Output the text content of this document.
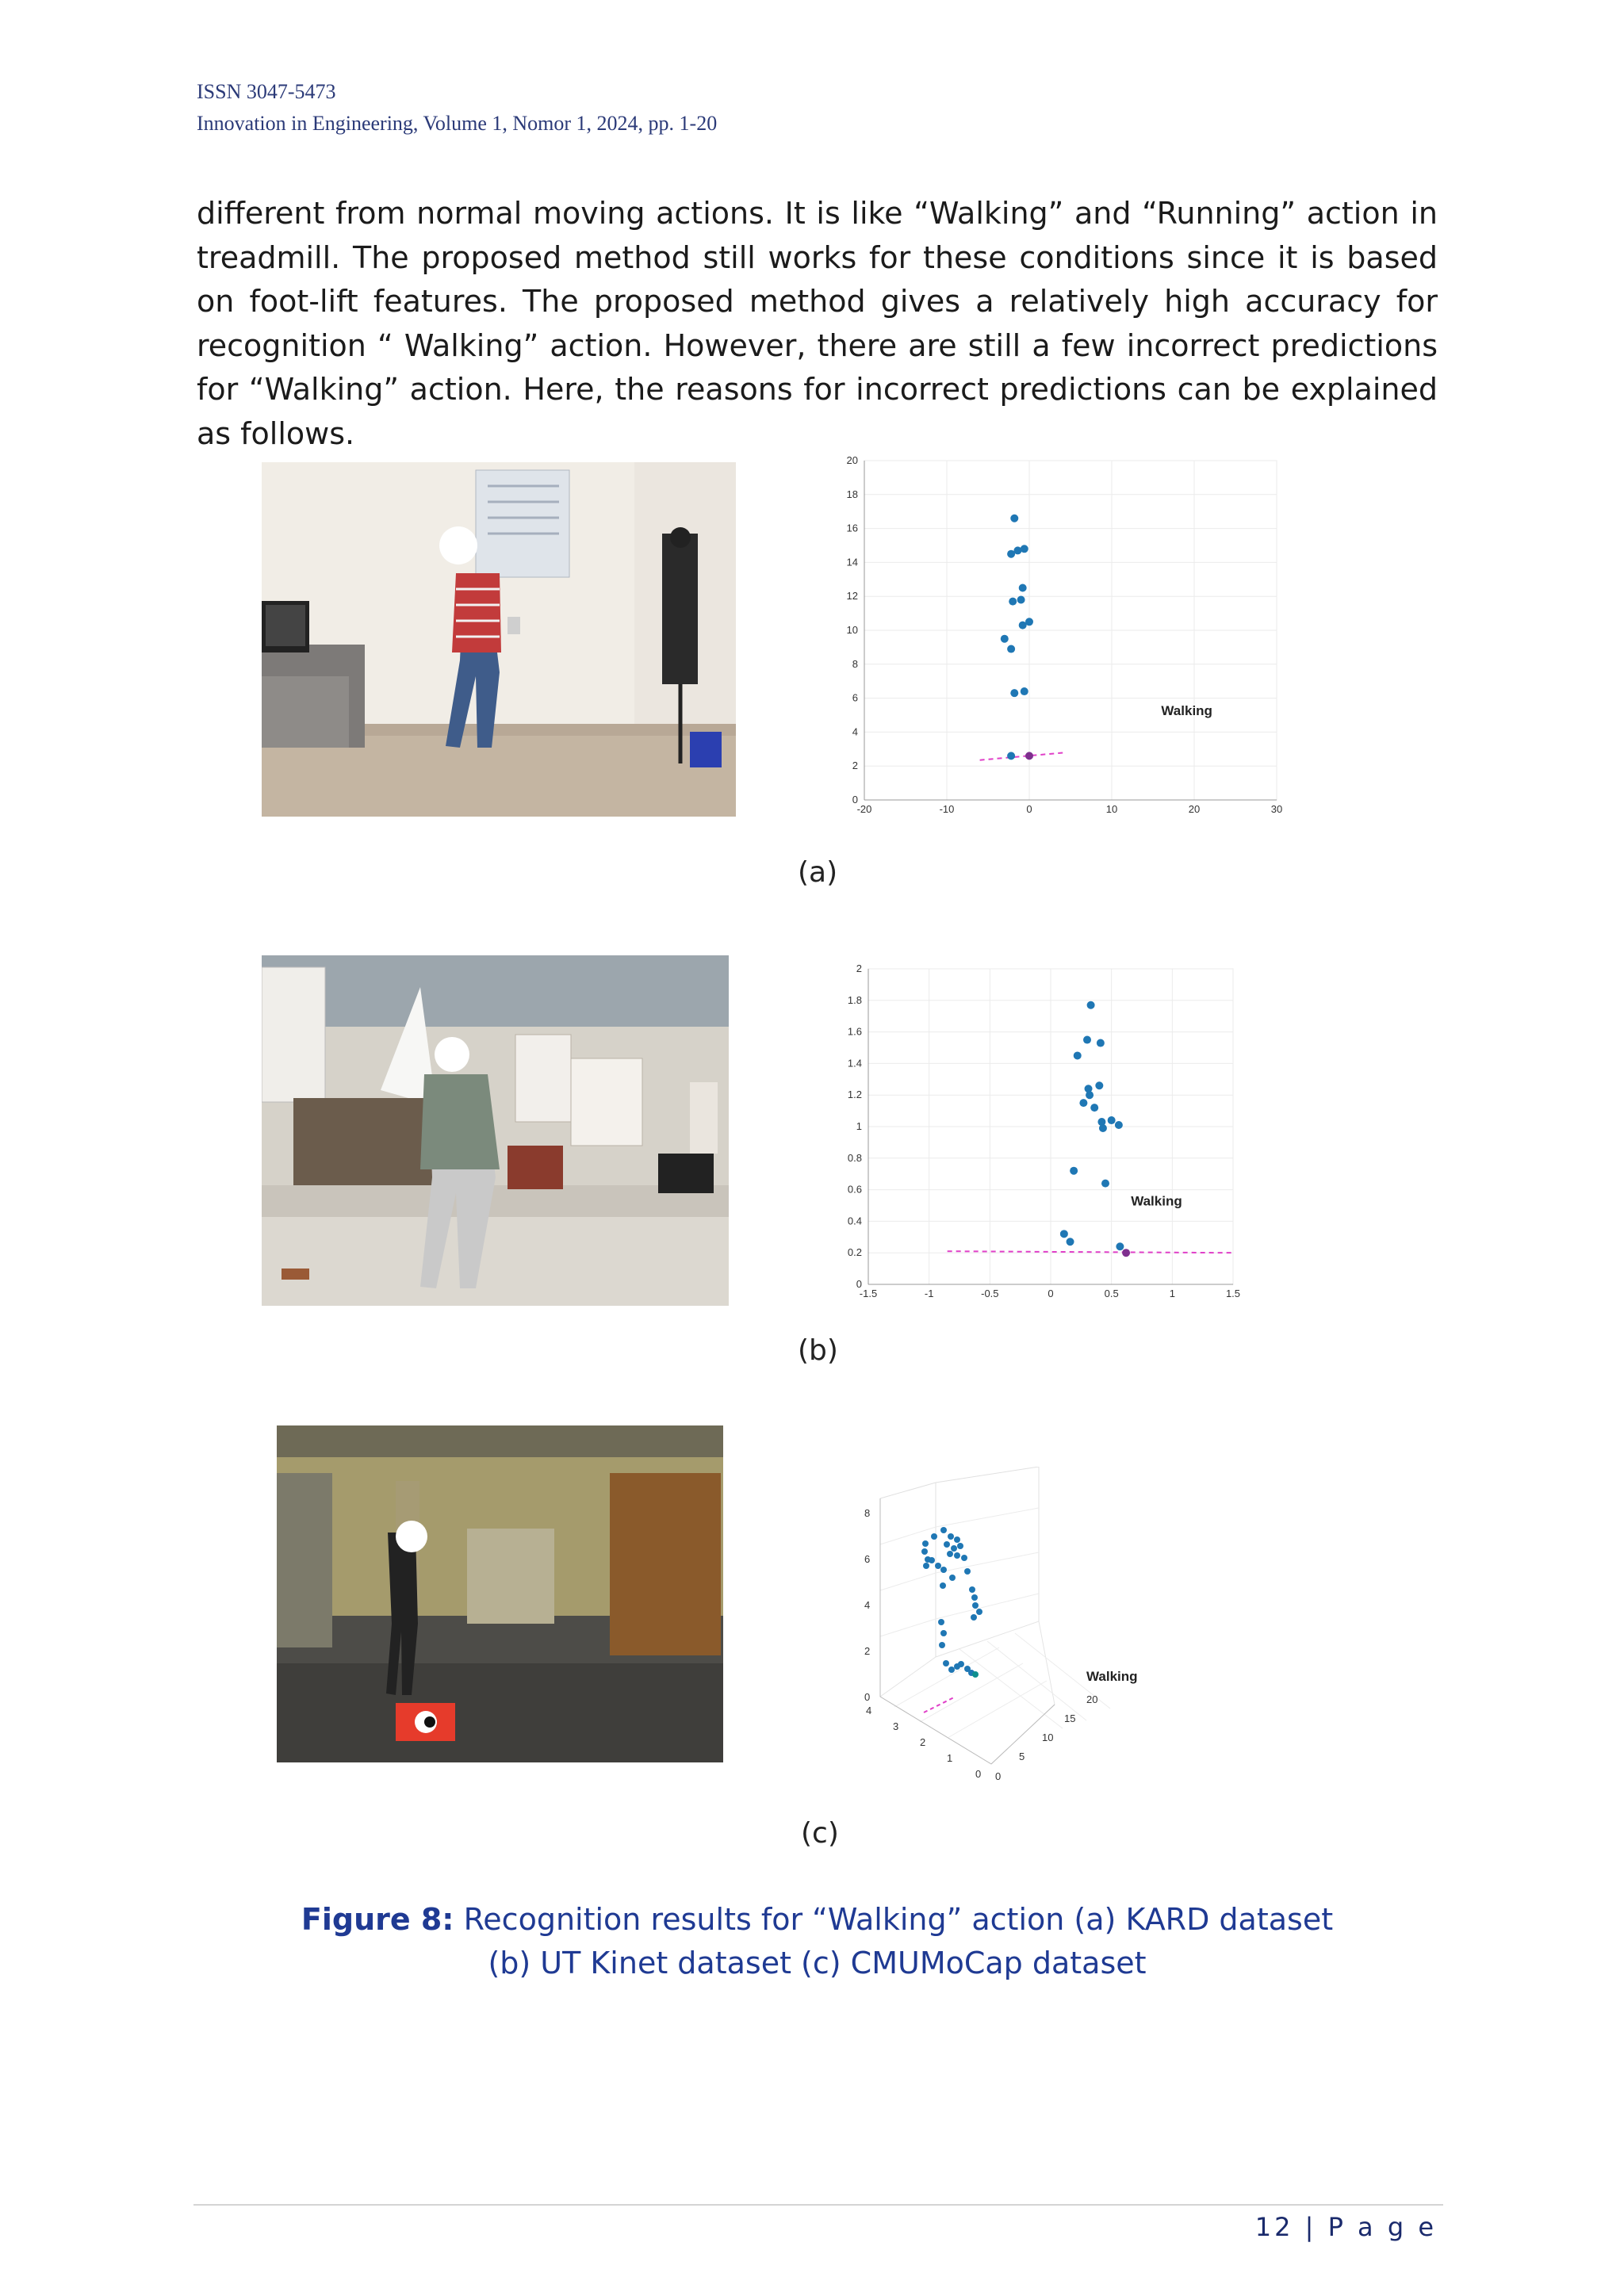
ISSN 3047-5473
Innovation in Engineering, Volume 1, Nomor 1, 2024, pp. 1-20

different from normal moving actions. It is like “Walking” and “Running” action in treadmill. The proposed method still works for these conditions since it is based on foot-lift features. The proposed method gives a relatively high accuracy for recognition “ Walking” action. However, there are still a few incorrect predictions for “Walking” action. Here, the reasons for incorrect predictions can be explained as follows.

-20	-10	0	10	20	30
0
2
4
6
8
10
12
14
16
18
20
Walking
(a)
-1.5	-1	-0.5	0	0.5	1	1.5
0
0.2
0.4
0.6
0.8
1
1.2
1.4
1.6
1.8
2
Walking
(b)
0
2
4
6
8
4
3
2
1
0 0
5
10
15
20
Walking
(c)
Figure 8: Recognition results for “Walking” action (a) KARD dataset
(b) UT Kinet dataset (c) CMUMoCap dataset
12 | P a g e
